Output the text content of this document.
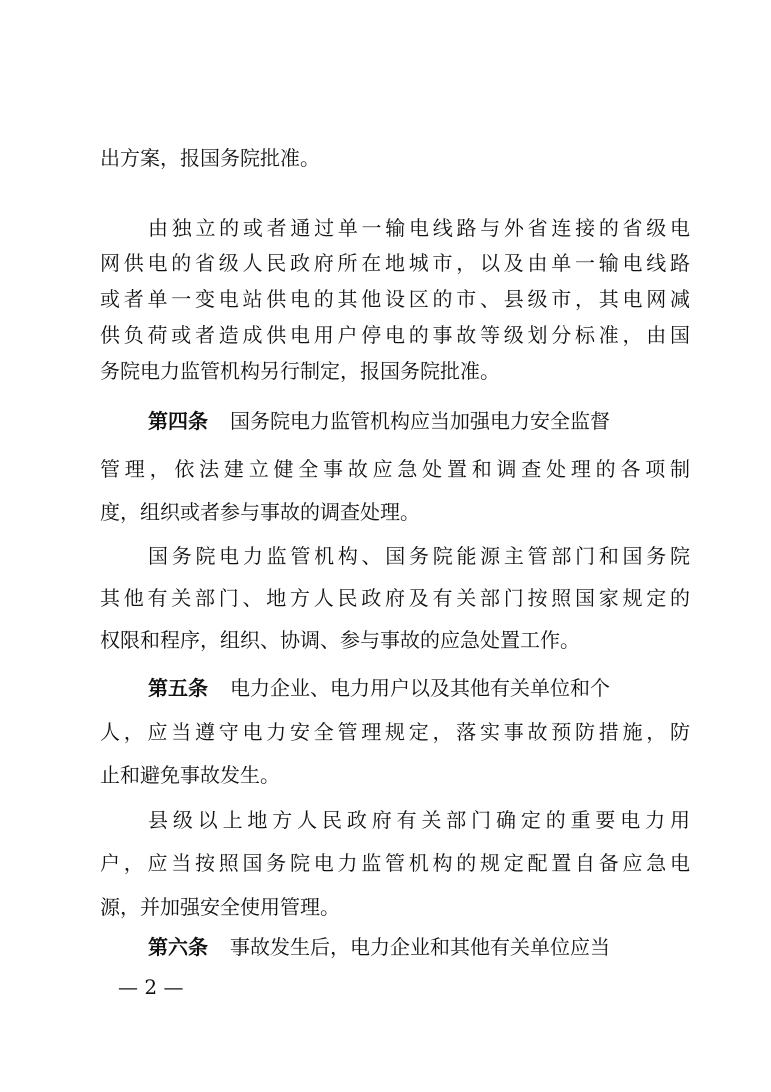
出方案，报国务院批准。
由独立的或者通过单一输电线路与外省连接的省级电
网供电的省级人民政府所在地城市，以及由单一输电线路
或者单一变电站供电的其他设区的市、县级市，其电网减
供负荷或者造成供电用户停电的事故等级划分标准，由国
务院电力监管机构另行制定，报国务院批准。
第四条 国务院电力监管机构应当加强电力安全监督
管理，依法建立健全事故应急处置和调查处理的各项制
度，组织或者参与事故的调查处理。
国务院电力监管机构、国务院能源主管部门和国务院
其他有关部门、地方人民政府及有关部门按照国家规定的
权限和程序，组织、协调、参与事故的应急处置工作。
第五条 电力企业、电力用户以及其他有关单位和个
人，应当遵守电力安全管理规定，落实事故预防措施，防
止和避免事故发生。
县级以上地方人民政府有关部门确定的重要电力用
户，应当按照国务院电力监管机构的规定配置自备应急电
源，并加强安全使用管理。
第六条 事故发生后，电力企业和其他有关单位应当
— 2 —
